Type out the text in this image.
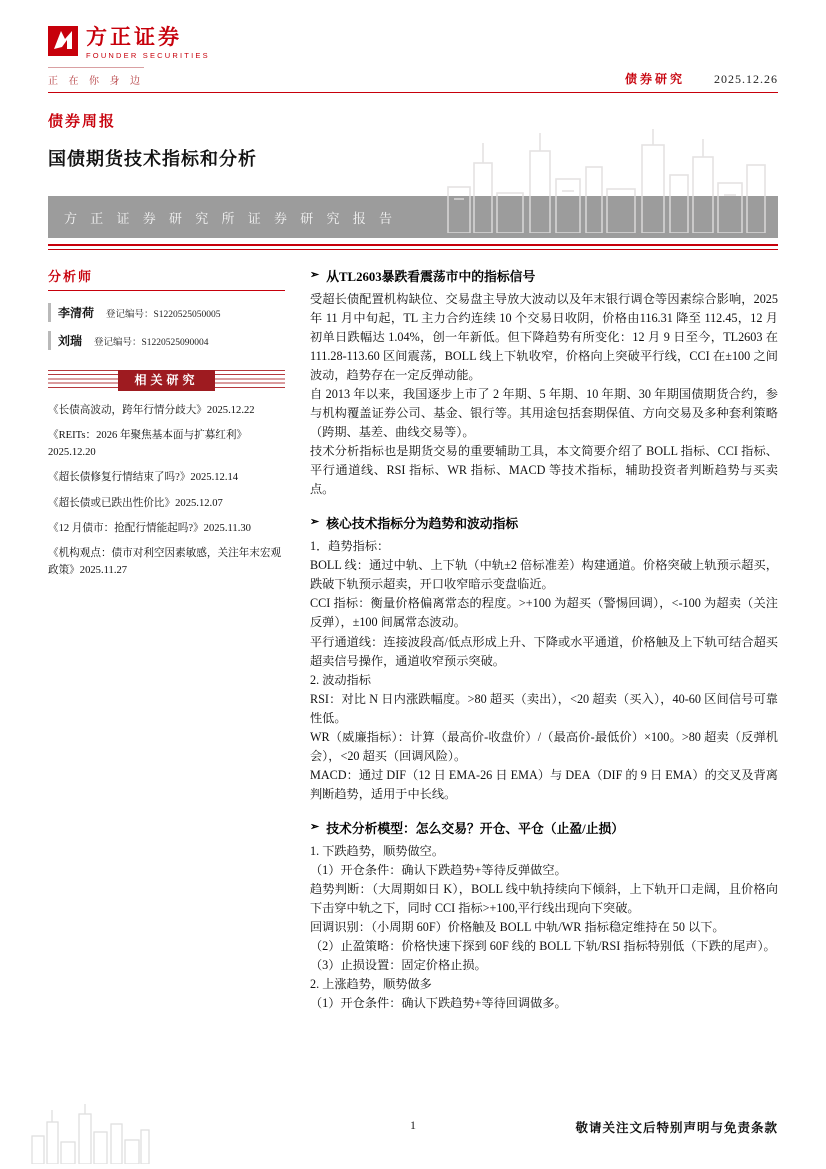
方正证券
FOUNDER SECURITIES
正 在 你 身 边	债券研究 2025.12.26
债券周报
国债期货技术指标和分析
方 正 证 券 研 究 所 证 券 研 究 报 告
分析师
李清荷 登记编号：S1220525050005
刘瑞 登记编号：S1220525090004
相关研究
《长债高波动，跨年行情分歧大》2025.12.22
《REITs：2026 年聚焦基本面与扩募红利》2025.12.20
《超长债修复行情结束了吗?》2025.12.14
《超长债或已跌出性价比》2025.12.07
《12 月债市：抢配行情能起吗?》2025.11.30
《机构观点：债市对利空因素敏感，关注年末宏观政策》2025.11.27
➢ 从TL2603暴跌看震荡市中的指标信号

受超长债配置机构缺位、交易盘主导放大波动以及年末银行调仓等因素综合影响，2025 年 11 月中旬起，TL 主力合约连续 10 个交易日收阴，价格由116.31 降至 112.45，12 月初单日跌幅达 1.04%，创一年新低。但下降趋势有所变化：12 月 9 日至今，TL2603 在 111.28-113.60 区间震荡，BOLL 线上下轨收窄，价格向上突破平行线，CCI 在±100 之间波动，趋势存在一定反弹动能。

自 2013 年以来，我国逐步上市了 2 年期、5 年期、10 年期、30 年期国债期货合约，参与机构覆盖证券公司、基金、银行等。其用途包括套期保值、方向交易及多种套利策略（跨期、基差、曲线交易等）。

技术分析指标也是期货交易的重要辅助工具，本文简要介绍了 BOLL 指标、CCI 指标、平行通道线、RSI 指标、WR 指标、MACD 等技术指标，辅助投资者判断趋势与买卖点。

➢ 核心技术指标分为趋势和波动指标

1．趋势指标：

BOLL 线：通过中轨、上下轨（中轨±2 倍标准差）构建通道。价格突破上轨预示超买，跌破下轨预示超卖，开口收窄暗示变盘临近。

CCI 指标：衡量价格偏离常态的程度。>+100 为超买（警惕回调），<-100 为超卖（关注反弹），±100 间属常态波动。

平行通道线：连接波段高/低点形成上升、下降或水平通道，价格触及上下轨可结合超买超卖信号操作，通道收窄预示突破。

2. 波动指标

RSI：对比 N 日内涨跌幅度。>80 超买（卖出），<20 超卖（买入），40-60 区间信号可靠性低。

WR（威廉指标）：计算（最高价-收盘价）/（最高价-最低价）×100。>80 超卖（反弹机会），<20 超买（回调风险）。

MACD：通过 DIF（12 日 EMA-26 日 EMA）与 DEA（DIF 的 9 日 EMA）的交叉及背离判断趋势，适用于中长线。

➢ 技术分析模型：怎么交易？开仓、平仓（止盈/止损）

1. 下跌趋势，顺势做空。

（1）开仓条件：确认下跌趋势+等待反弹做空。

趋势判断：（大周期如日 K），BOLL 线中轨持续向下倾斜，上下轨开口走阔，且价格向下击穿中轨之下，同时 CCI 指标>+100,平行线出现向下突破。

回调识别：（小周期 60F）价格触及 BOLL 中轨/WR 指标稳定维持在 50 以下。

（2）止盈策略：价格快速下探到 60F 线的 BOLL 下轨/RSI 指标特别低（下跌的尾声）。

（3）止损设置：固定价格止损。

2. 上涨趋势，顺势做多

（1）开仓条件：确认下跌趋势+等待回调做多。

1	敬请关注文后特别声明与免责条款
